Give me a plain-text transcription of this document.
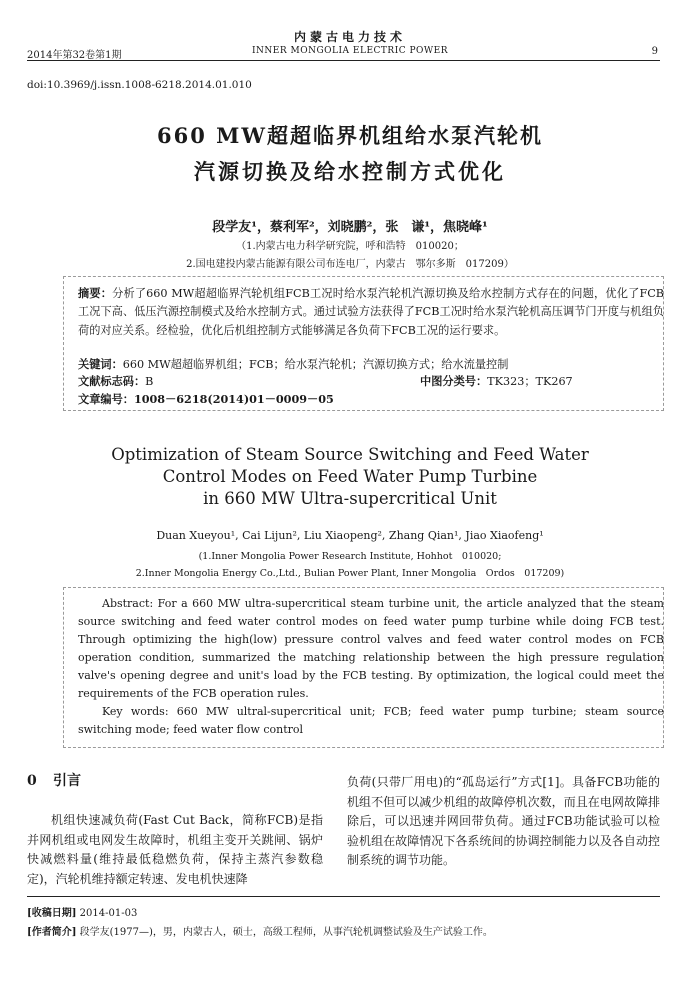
内蒙古电力技术
2014年第32卷第1期	INNER MONGOLIA ELECTRIC POWER	9
doi:10.3969/j.issn.1008-6218.2014.01.010
660 MW超超临界机组给水泵汽轮机
汽源切换及给水控制方式优化
段学友¹，蔡利军²，刘晓鹏²，张　谦¹，焦晓峰¹
（1.内蒙古电力科学研究院，呼和浩特　010020；
2.国电建投内蒙古能源有限公司布连电厂，内蒙古　鄂尔多斯　017209）
摘要：分析了660 MW超超临界汽轮机组FCB工况时给水泵汽轮机汽源切换及给水控制方式存在的问题，优化了FCB工况下高、低压汽源控制模式及给水控制方式。通过试验方法获得了FCB工况时给水泵汽轮机高压调节门开度与机组负荷的对应关系。经检验，优化后机组控制方式能够满足各负荷下FCB工况的运行要求。
关键词：660 MW超超临界机组；FCB；给水泵汽轮机；汽源切换方式；给水流量控制
文献标志码：B	中图分类号：TK323；TK267
文章编号：1008－6218(2014)01－0009－05
Optimization of Steam Source Switching and Feed Water
Control Modes on Feed Water Pump Turbine
in 660 MW Ultra-supercritical Unit
Duan Xueyou¹, Cai Lijun², Liu Xiaopeng², Zhang Qian¹, Jiao Xiaofeng¹
(1.Inner Mongolia Power Research Institute, Hohhot　010020;
2.Inner Mongolia Energy Co.,Ltd., Bulian Power Plant, Inner Mongolia　Ordos　017209)
Abstract: For a 660 MW ultra-supercritical steam turbine unit, the article analyzed that the steam source switching and feed water control modes on feed water pump turbine while doing FCB test. Through optimizing the high(low) pressure control valves and feed water control modes on FCB operation condition, summarized the matching relationship between the high pressure regulation valve's opening degree and unit's load by the FCB testing. By optimization, the logical could meet the requirements of the FCB operation rules.
Key words: 660 MW ultral-supercritical unit; FCB; feed water pump turbine; steam source switching mode; feed water flow control
0 引言
机组快速减负荷(Fast Cut Back，简称FCB)是指并网机组或电网发生故障时，机组主变开关跳闸、锅炉快减燃料量(维持最低稳燃负荷，保持主蒸汽参数稳定)，汽轮机维持额定转速、发电机快速降
负荷(只带厂用电)的“孤岛运行”方式[1]。具备FCB功能的机组不但可以减少机组的故障停机次数，而且在电网故障排除后，可以迅速并网回带负荷。通过FCB功能试验可以检验机组在故障情况下各系统间的协调控制能力以及各自动控制系统的调节功能。
[收稿日期] 2014-01-03
[作者简介] 段学友(1977—)，男，内蒙古人，硕士，高级工程师，从事汽轮机调整试验及生产试验工作。
